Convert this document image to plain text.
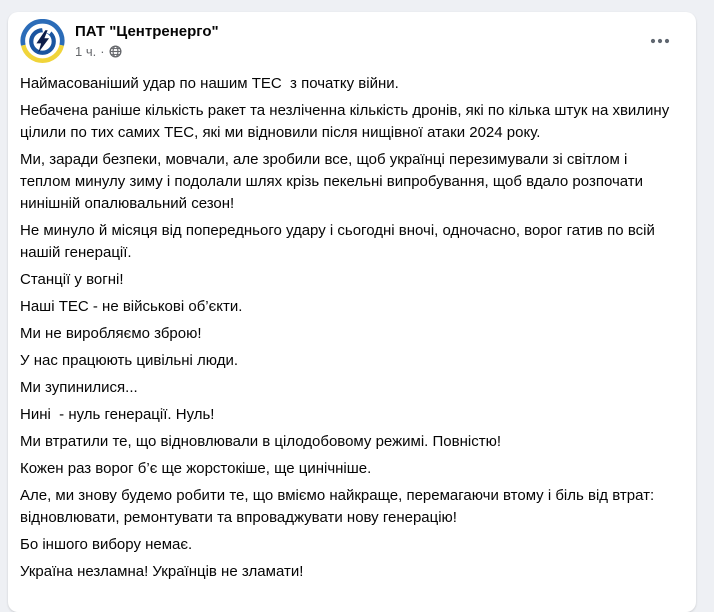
ПАТ "Центренерго"
1 ч. ·

Наймасованіший удар по нашим ТЕС  з початку війни.

Небачена раніше кількість ракет та незліченна кількість дронів, які по кілька штук на хвилину цілили по тих самих ТЕС, які ми відновили після нищівної атаки 2024 року.

Ми, заради безпеки, мовчали, але зробили все, щоб українці перезимували зі світлом і теплом минулу зиму і подолали шлях крізь пекельні випробування, щоб вдало розпочати нинішній опалювальний сезон!

Не минуло й місяця від попереднього удару і сьогодні вночі, одночасно, ворог гатив по всій нашій генерації.

Станції у вогні!

Наші ТЕС - не військові об’єкти.

Ми не виробляємо зброю!

У нас працюють цивільні люди.

Ми зупинилися...

Нині  - нуль генерації. Нуль!

Ми втратили те, що відновлювали в цілодобовому режимі. Повністю!

Кожен раз ворог б’є ще жорстокіше, ще цинічніше.

Але, ми знову будемо робити те, що вміємо найкраще, перемагаючи втому і біль від втрат: відновлювати, ремонтувати та впроваджувати нову генерацію!

Бо іншого вибору немає.

Україна незламна! Українців не зламати!
